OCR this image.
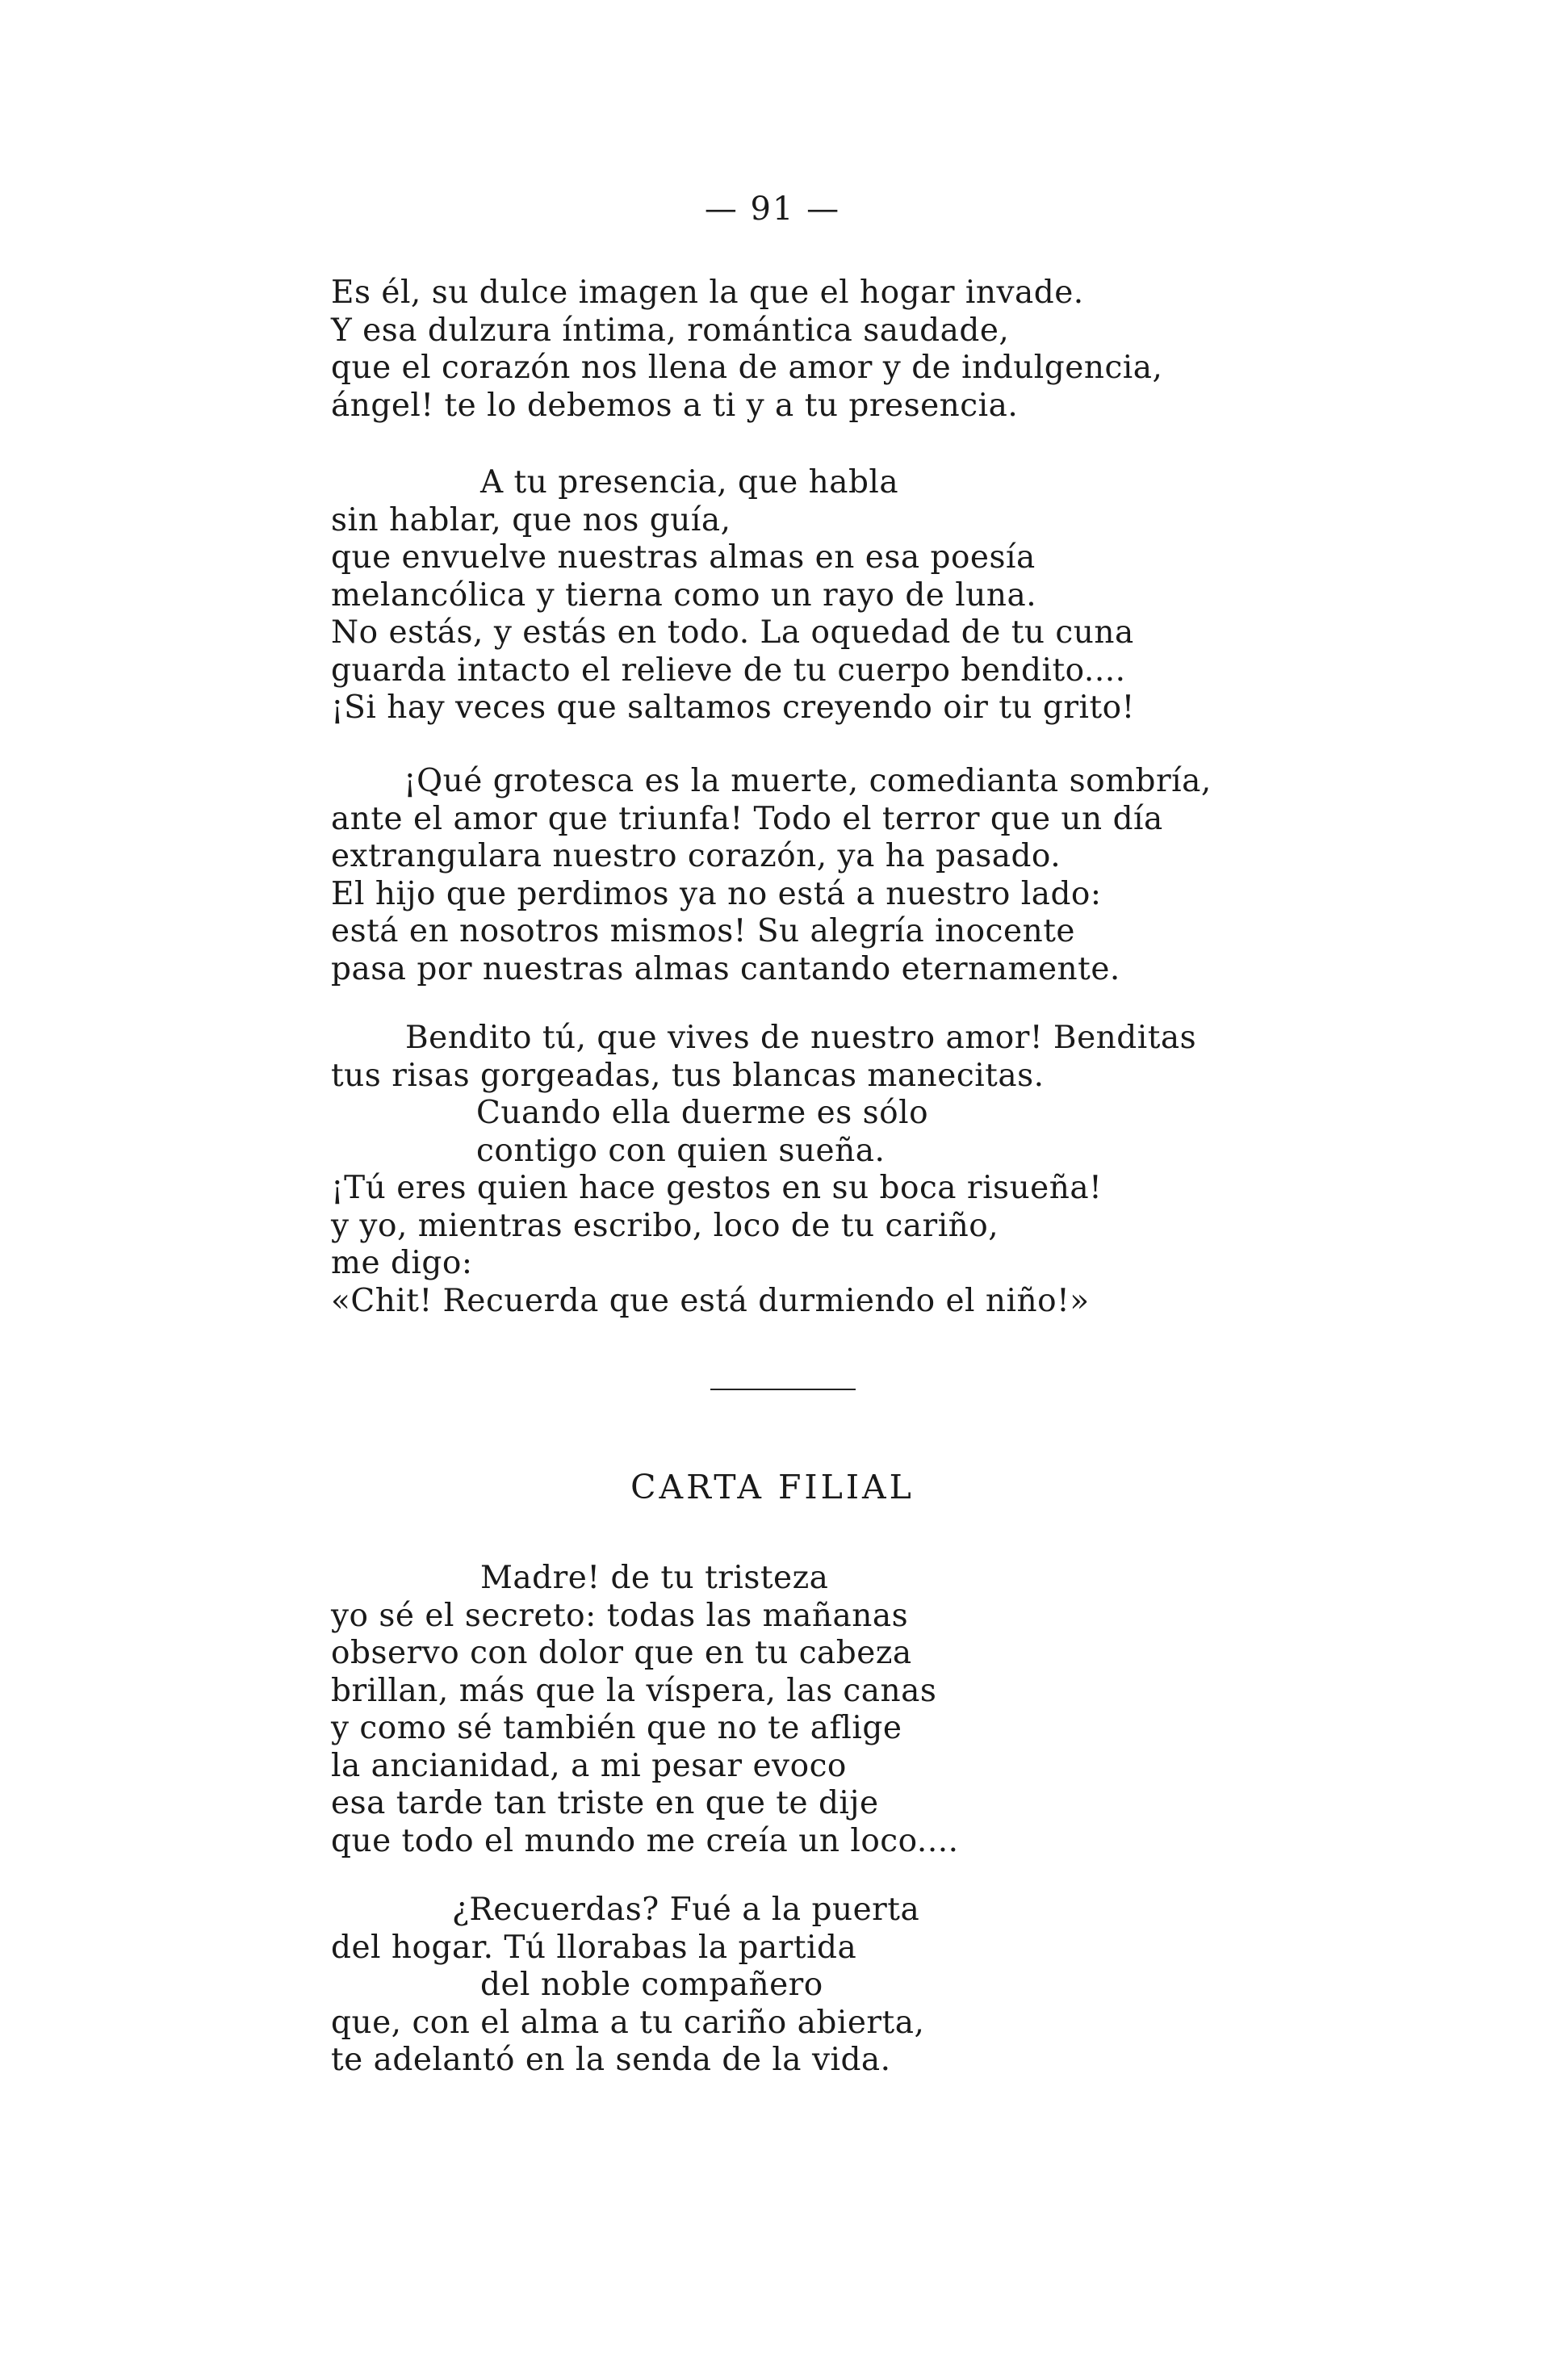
— 91 —
Es él, su dulce imagen la que el hogar invade.
Y esa dulzura íntima, romántica saudade,
que el corazón nos llena de amor y de indulgencia,
ángel! te lo debemos a ti y a tu presencia.
A tu presencia, que habla
sin hablar, que nos guía,
que envuelve nuestras almas en esa poesía
melancólica y tierna como un rayo de luna.
No estás, y estás en todo. La oquedad de tu cuna
guarda intacto el relieve de tu cuerpo bendito....
¡Si hay veces que saltamos creyendo oir tu grito!
¡Qué grotesca es la muerte, comedianta sombría,
ante el amor que triunfa! Todo el terror que un día
extrangulara nuestro corazón, ya ha pasado.
El hijo que perdimos ya no está a nuestro lado:
está en nosotros mismos! Su alegría inocente
pasa por nuestras almas cantando eternamente.
Bendito tú, que vives de nuestro amor! Benditas
tus risas gorgeadas, tus blancas manecitas.
Cuando ella duerme es sólo
contigo con quien sueña.
¡Tú eres quien hace gestos en su boca risueña!
y yo, mientras escribo, loco de tu cariño,
me digo:
«Chit! Recuerda que está durmiendo el niño!»
CARTA FILIAL
Madre! de tu tristeza
yo sé el secreto: todas las mañanas
observo con dolor que en tu cabeza
brillan, más que la víspera, las canas
y como sé también que no te aflige
la ancianidad, a mi pesar evoco
esa tarde tan triste en que te dije
que todo el mundo me creía un loco....
¿Recuerdas? Fué a la puerta
del hogar. Tú llorabas la partida
del noble compañero
que, con el alma a tu cariño abierta,
te adelantó en la senda de la vida.
